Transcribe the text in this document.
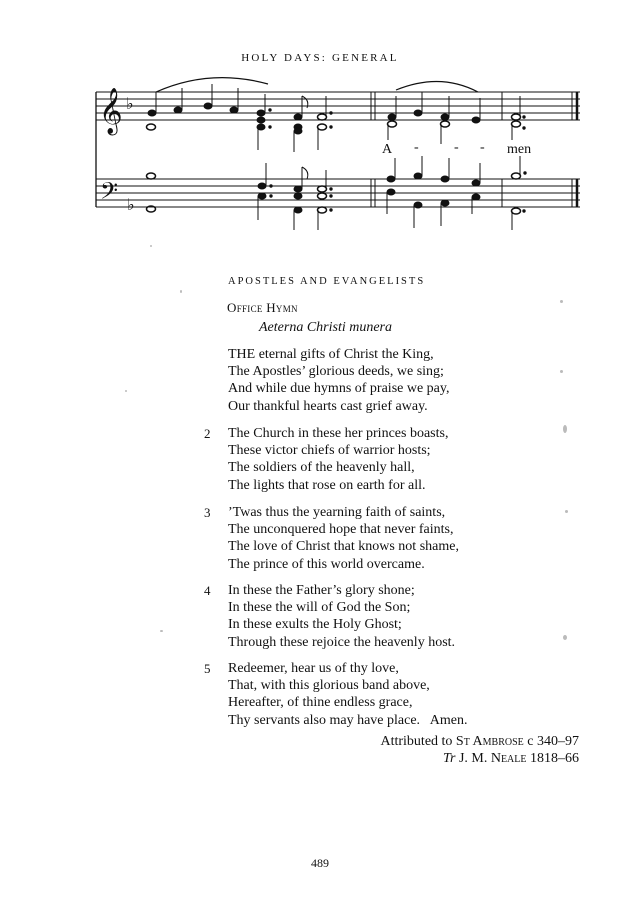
HOLY DAYS: GENERAL
𝄞
𝄢
♭
♭
A -	- - men
APOSTLES AND EVANGELISTS
Office Hymn
Aeterna Christi munera
THE eternal gifts of Christ the King,
The Apostles’ glorious deeds, we sing;
And while due hymns of praise we pay,
Our thankful hearts cast grief away.
2 The Church in these her princes boasts,
These victor chiefs of warrior hosts;
The soldiers of the heavenly hall,
The lights that rose on earth for all.
3 ’Twas thus the yearning faith of saints,
The unconquered hope that never faints,
The love of Christ that knows not shame,
The prince of this world overcame.
4 In these the Father’s glory shone;
In these the will of God the Son;
In these exults the Holy Ghost;
Through these rejoice the heavenly host.
5 Redeemer, hear us of thy love,
That, with this glorious band above,
Hereafter, of thine endless grace,
Thy servants also may have place.   Amen.
Attributed to St Ambrose c 340–97
Tr J. M. Neale 1818–66
489
